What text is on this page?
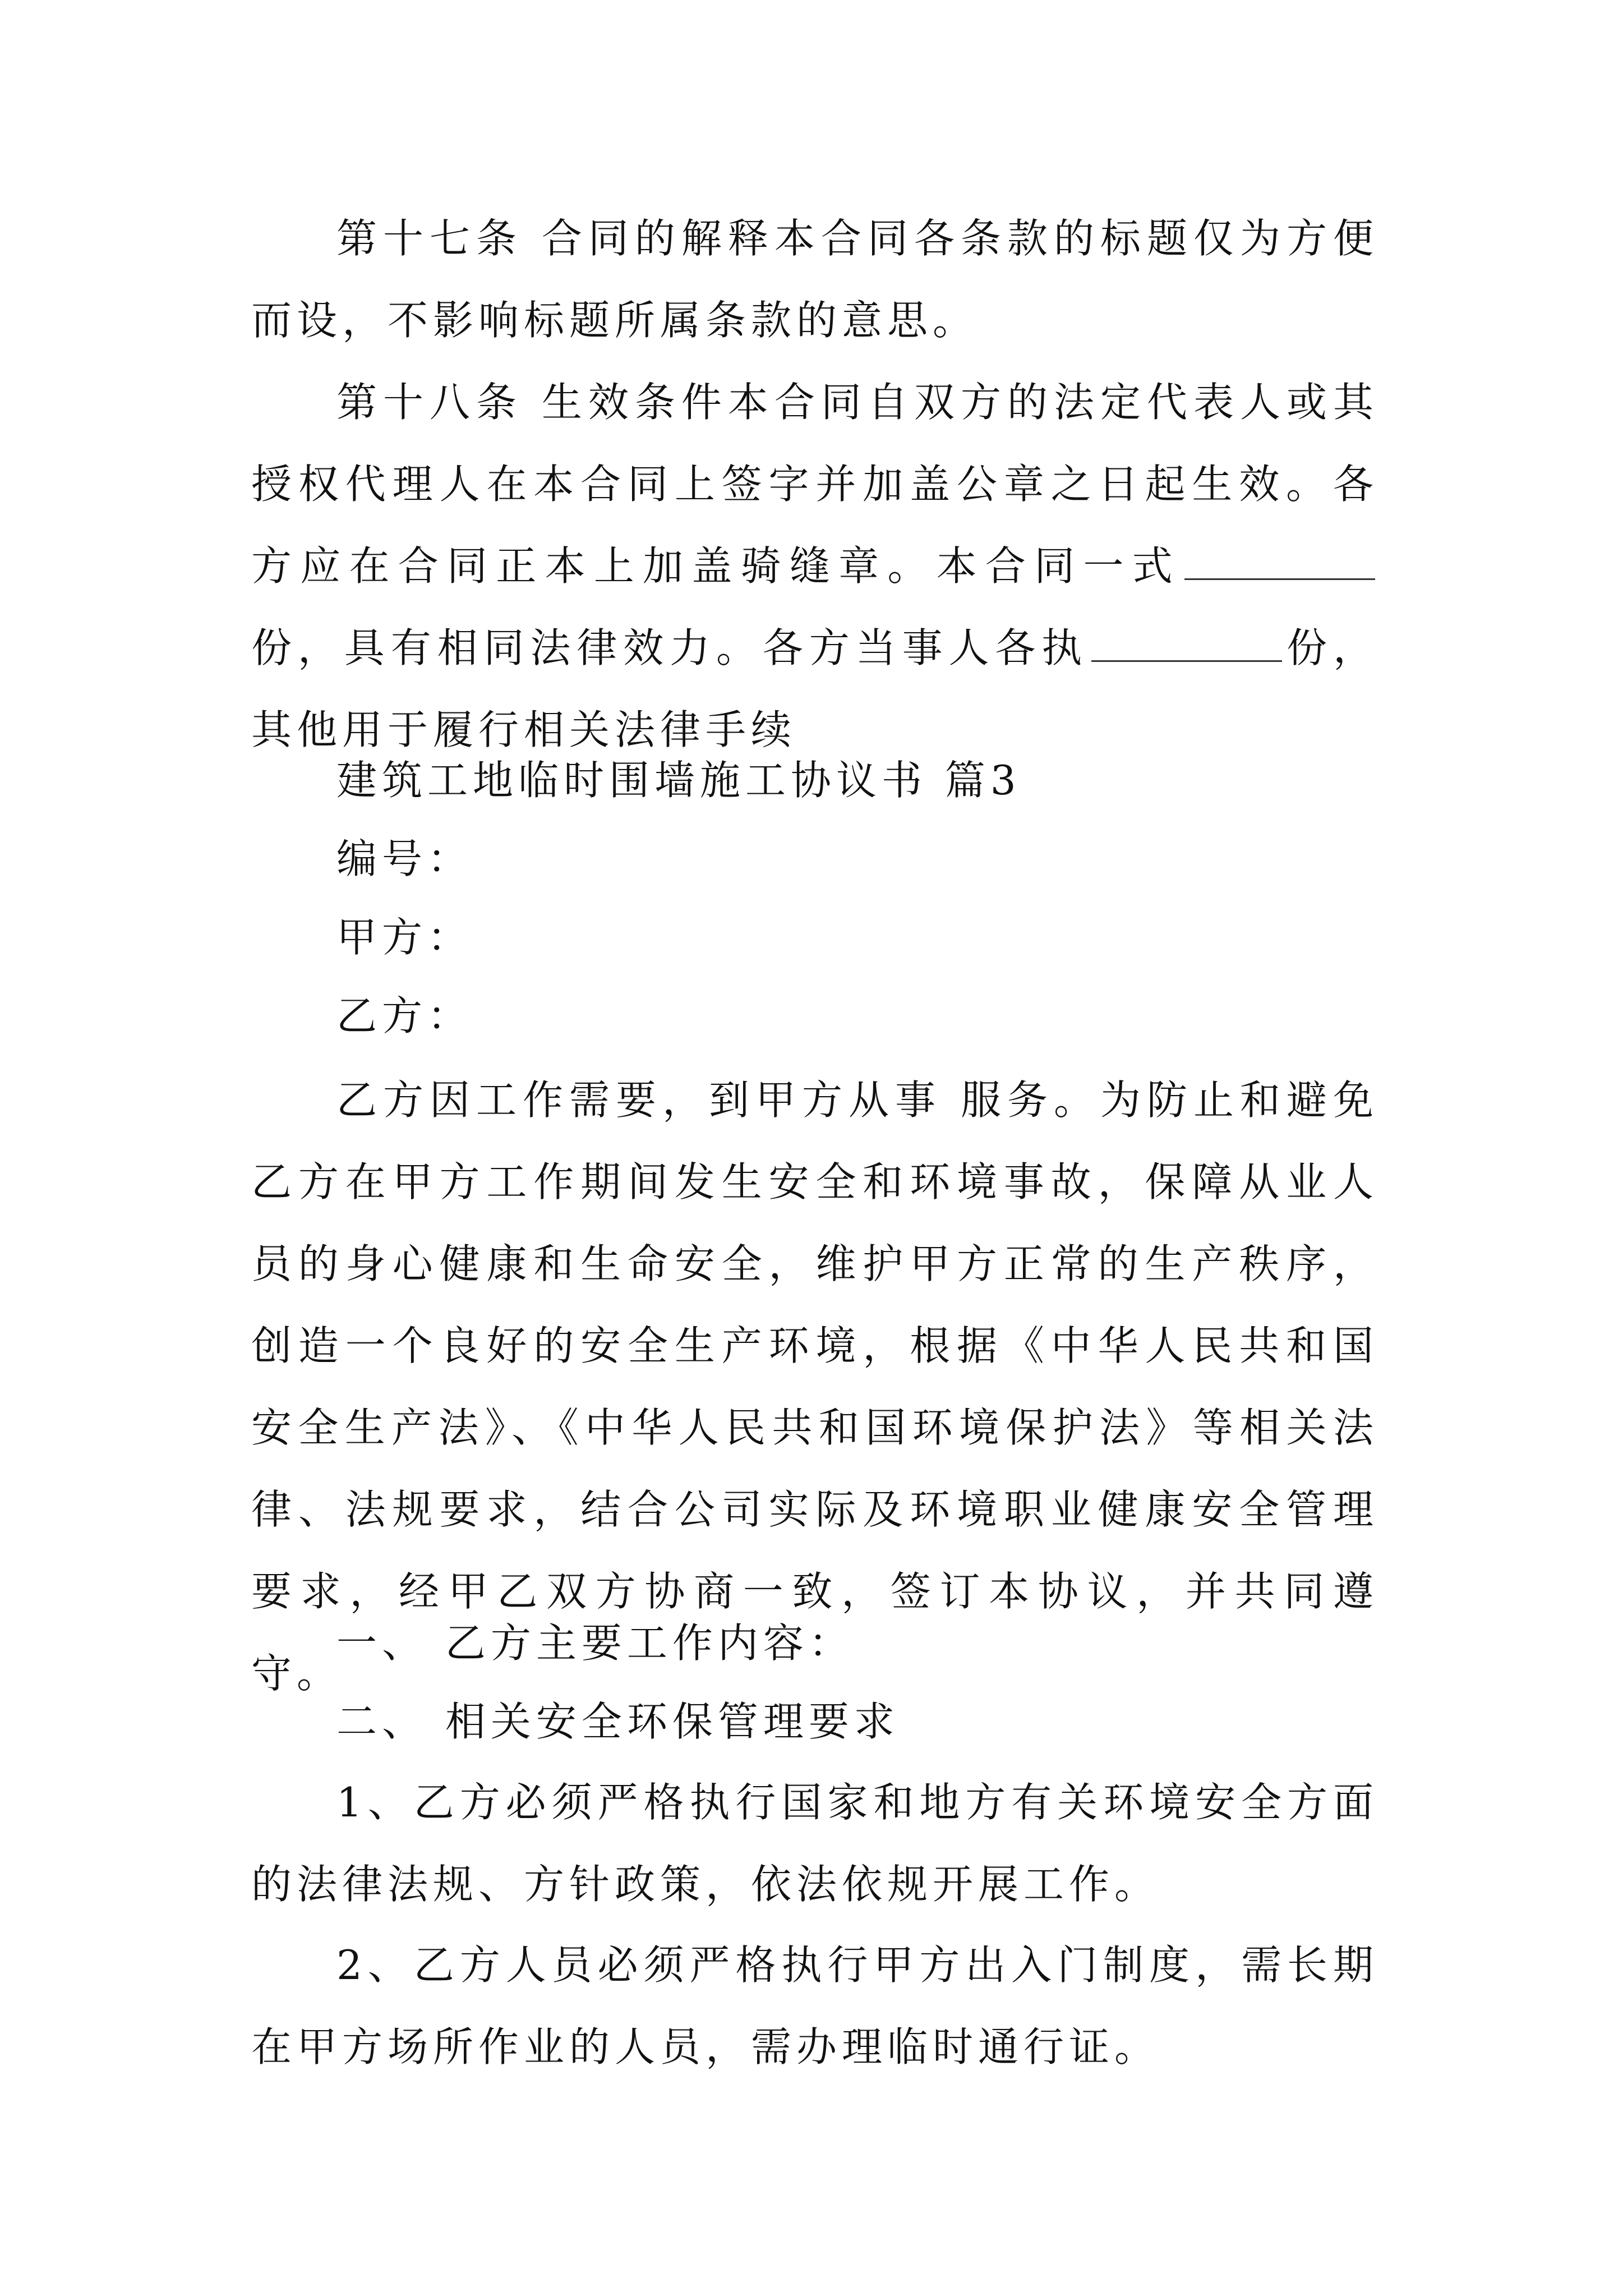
第十七条 合同的解释本合同各条款的标题仅为方便而设，不影响标题所属条款的意思。

第十八条 生效条件本合同自双方的法定代表人或其授权代理人在本合同上签字并加盖公章之日起生效。各方应在合同正本上加盖骑缝章。本合同一式份，具有相同法律效力。各方当事人各执	份，其他用于履行相关法律手续

建筑工地临时围墙施工协议书 篇3
编号：
甲方：
乙方：

乙方因工作需要，到甲方从事 服务。为防止和避免乙方在甲方工作期间发生安全和环境事故，保障从业人员的身心健康和生命安全，维护甲方正常的生产秩序，创造一个良好的安全生产环境，根据《中华人民共和国安全生产法》、《中华人民共和国环境保护法》等相关法律、法规要求，结合公司实际及环境职业健康安全管理要求，经甲乙双方协商一致，签订本协议，并共同遵守。

一、 乙方主要工作内容：
二、 相关安全环保管理要求

1、乙方必须严格执行国家和地方有关环境安全方面的法律法规、方针政策，依法依规开展工作。

2、乙方人员必须严格执行甲方出入门制度，需长期在甲方场所作业的人员，需办理临时通行证。
